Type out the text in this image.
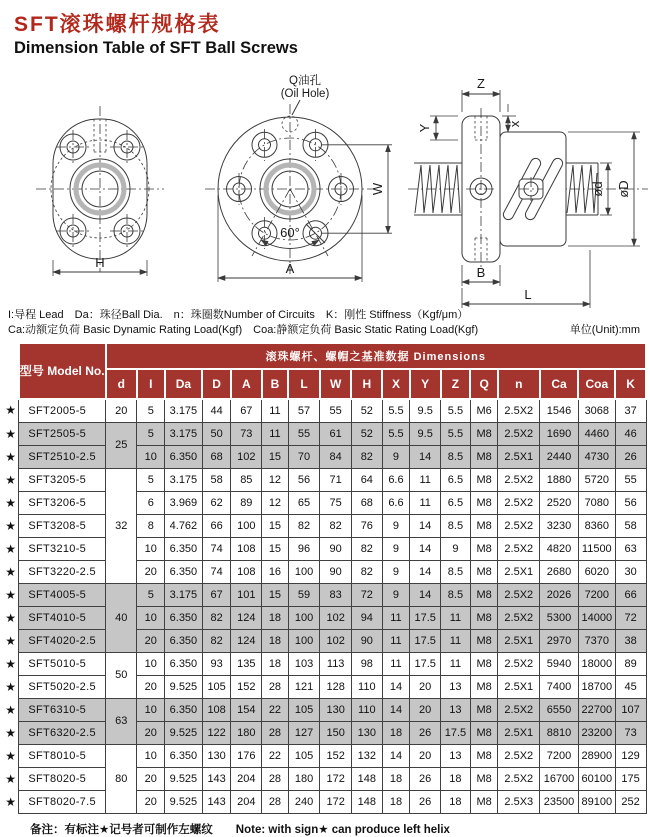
SFT滚珠螺杆规格表
Dimension Table of SFT Ball Screws
H
Q油孔
(Oil Hole)
W
60°
A
Z
Y	x
B
L
ød øD
I:导程 Lead　Da：珠径Ball Dia.　n：珠圈数Number of Circuits　K：刚性 Stiffness（Kgf/μm）
Ca:动额定负荷 Basic Dynamic Rating Load(Kgf)　Coa:静额定负荷 Basic Static Rating Load(Kgf)	单位(Unit):mm
	型号 Model No.	滚珠螺杆、螺帽之基准数据 Dimensions																
		d	I	Da	D	A	B	L	W	H	X	Y	Z	Q	n	Ca	Coa	K
★	SFT2005-5	20	5	3.175	44	67	11	57	55	52	5.5	9.5	5.5	M6	2.5X2	1546	3068	37
★	SFT2505-5	25	5	3.175	50	73	11	55	61	52	5.5	9.5	5.5	M8	2.5X2	1690	4460	46
★	SFT2510-2.5		10	6.350	68	102	15	70	84	82	9	14	8.5	M8	2.5X1	2440	4730	26
★	SFT3205-5	32	5	3.175	58	85	12	56	71	64	6.6	11	6.5	M8	2.5X2	1880	5720	55
★	SFT3206-5		6	3.969	62	89	12	65	75	68	6.6	11	6.5	M8	2.5X2	2520	7080	56
★	SFT3208-5		8	4.762	66	100	15	82	82	76	9	14	8.5	M8	2.5X2	3230	8360	58
★	SFT3210-5		10	6.350	74	108	15	96	90	82	9	14	9	M8	2.5X2	4820	11500	63
★	SFT3220-2.5		20	6.350	74	108	16	100	90	82	9	14	8.5	M8	2.5X1	2680	6020	30
★	SFT4005-5	40	5	3.175	67	101	15	59	83	72	9	14	8.5	M8	2.5X2	2026	7200	66
★	SFT4010-5		10	6.350	82	124	18	100	102	94	11	17.5	11	M8	2.5X2	5300	14000	72
★	SFT4020-2.5		20	6.350	82	124	18	100	102	90	11	17.5	11	M8	2.5X1	2970	7370	38
★	SFT5010-5	50	10	6.350	93	135	18	103	113	98	11	17.5	11	M8	2.5X2	5940	18000	89
★	SFT5020-2.5		20	9.525	105	152	28	121	128	110	14	20	13	M8	2.5X1	7400	18700	45
★	SFT6310-5	63	10	6.350	108	154	22	105	130	110	14	20	13	M8	2.5X2	6550	22700	107
★	SFT6320-2.5		20	9.525	122	180	28	127	150	130	18	26	17.5	M8	2.5X1	8810	23200	73
★	SFT8010-5	80	10	6.350	130	176	22	105	152	132	14	20	13	M8	2.5X2	7200	28900	129
★	SFT8020-5		20	9.525	143	204	28	180	172	148	18	26	18	M8	2.5X2	16700	60100	175
★	SFT8020-7.5		20	9.525	143	204	28	240	172	148	18	26	18	M8	2.5X3	23500	89100	252
备注：有标注★记号者可制作左螺纹　　Note: with sign★ can produce left helix
